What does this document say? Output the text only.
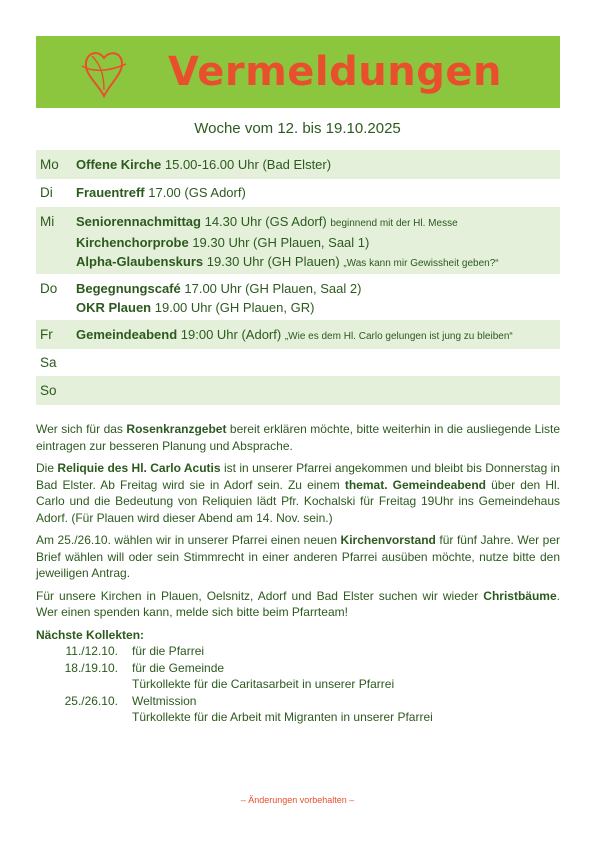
Vermeldungen
Woche vom 12. bis 19.10.2025
Mo	Offene Kirche 15.00-16.00 Uhr (Bad Elster)
Di	Frauentreff 17.00 (GS Adorf)
Mi	Seniorennachmittag 14.30 Uhr (GS Adorf) beginnend mit der Hl. Messe
Kirchenchorprobe 19.30 Uhr (GH Plauen, Saal 1)
Alpha-Glaubenskurs 19.30 Uhr (GH Plauen) „Was kann mir Gewissheit geben?“
Do	Begegnungscafé 17.00 Uhr (GH Plauen, Saal 2)
OKR Plauen 19.00 Uhr (GH Plauen, GR)
Fr	Gemeindeabend 19:00 Uhr (Adorf) „Wie es dem Hl. Carlo gelungen ist jung zu bleiben“
Sa
So

Wer sich für das Rosenkranzgebet bereit erklären möchte, bitte weiterhin in die ausliegende Liste eintragen zur besseren Planung und Absprache.

Die Reliquie des Hl. Carlo Acutis ist in unserer Pfarrei angekommen und bleibt bis Donnerstag in Bad Elster. Ab Freitag wird sie in Adorf sein. Zu einem themat. Gemeindeabend über den Hl. Carlo und die Bedeutung von Reliquien lädt Pfr. Kochalski für Freitag 19Uhr ins Gemeindehaus Adorf. (Für Plauen wird dieser Abend am 14. Nov. sein.)

Am 25./26.10. wählen wir in unserer Pfarrei einen neuen Kirchenvorstand für fünf Jahre. Wer per Brief wählen will oder sein Stimmrecht in einer anderen Pfarrei ausüben möchte, nutze bitte den jeweiligen Antrag.

Für unsere Kirchen in Plauen, Oelsnitz, Adorf und Bad Elster suchen wir wieder Christbäume. Wer einen spenden kann, melde sich bitte beim Pfarrteam!

Nächste Kollekten:
11./12.10.	für die Pfarrei
18./19.10.	für die Gemeinde
Türkollekte für die Caritasarbeit in unserer Pfarrei
25./26.10.	Weltmission
Türkollekte für die Arbeit mit Migranten in unserer Pfarrei
– Änderungen vorbehalten –
